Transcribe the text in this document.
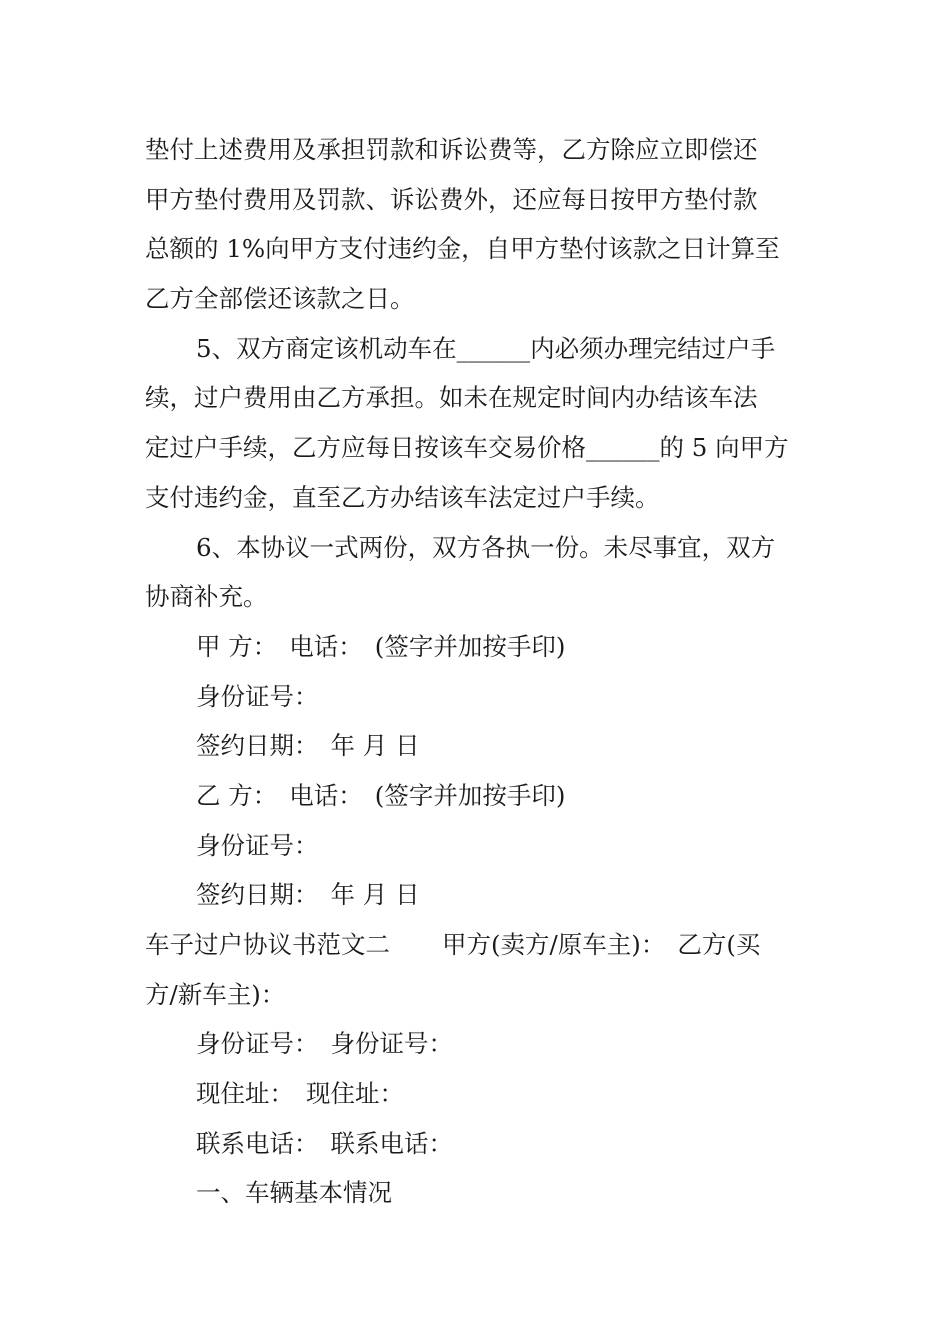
垫付上述费用及承担罚款和诉讼费等，乙方除应立即偿还
甲方垫付费用及罚款、诉讼费外，还应每日按甲方垫付款
总额的 1%向甲方支付违约金，自甲方垫付该款之日计算至
乙方全部偿还该款之日。
5、双方商定该机动车在______内必须办理完结过户手
续，过户费用由乙方承担。如未在规定时间内办结该车法
定过户手续，乙方应每日按该车交易价格______的 5 向甲方
支付违约金，直至乙方办结该车法定过户手续。
6、本协议一式两份，双方各执一份。未尽事宜，双方
协商补充。
甲 方： 电话： (签字并加按手印)
身份证号：
签约日期： 年 月 日
乙 方： 电话： (签字并加按手印)
身份证号：
签约日期： 年 月 日
车子过户协议书范文二 甲方(卖方/原车主)： 乙方(买
方/新车主)：
身份证号： 身份证号：
现住址： 现住址：
联系电话： 联系电话：
一、车辆基本情况
